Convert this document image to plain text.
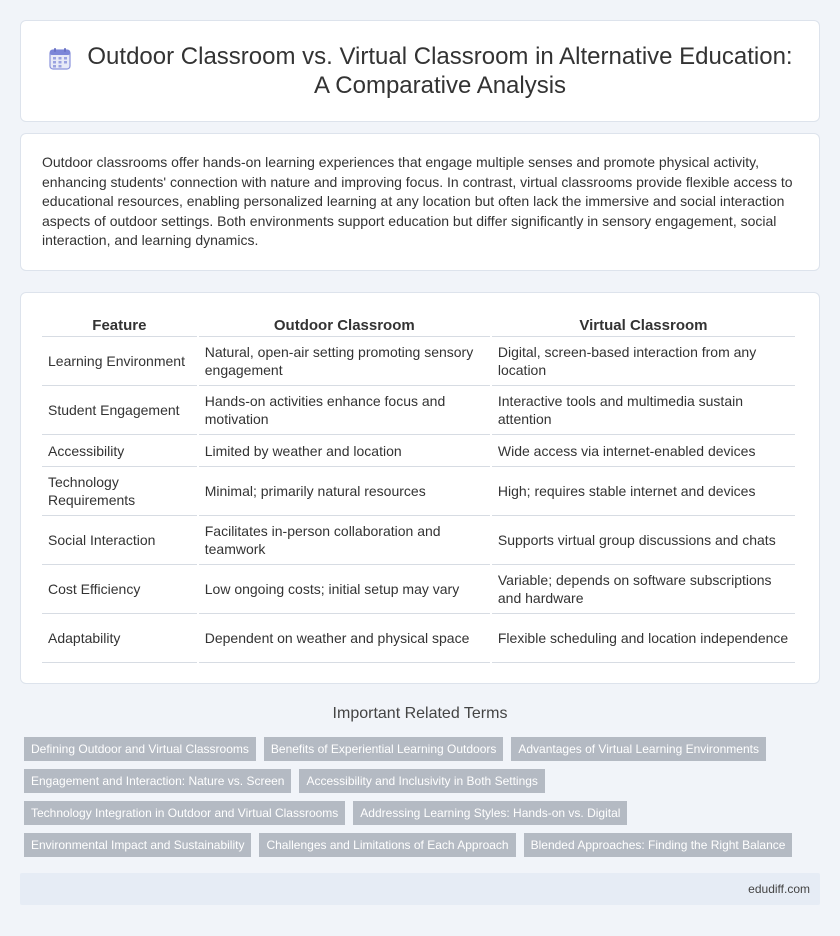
Outdoor Classroom vs. Virtual Classroom in Alternative Education: A Comparative Analysis

Outdoor classrooms offer hands-on learning experiences that engage multiple senses and promote physical activity, enhancing students' connection with nature and improving focus. In contrast, virtual classrooms provide flexible access to educational resources, enabling personalized learning at any location but often lack the immersive and social interaction aspects of outdoor settings. Both environments support education but differ significantly in sensory engagement, social interaction, and learning dynamics.

Feature	Outdoor Classroom	Virtual Classroom
Learning Environment	Natural, open-air setting promoting sensory engagement	Digital, screen-based interaction from any location
Student Engagement	Hands-on activities enhance focus and motivation	Interactive tools and multimedia sustain attention
Accessibility	Limited by weather and location	Wide access via internet-enabled devices
Technology Requirements	Minimal; primarily natural resources	High; requires stable internet and devices
Social Interaction	Facilitates in-person collaboration and teamwork	Supports virtual group discussions and chats
Cost Efficiency	Low ongoing costs; initial setup may vary	Variable; depends on software subscriptions and hardware
Adaptability	Dependent on weather and physical space	Flexible scheduling and location independence
Important Related Terms
Defining Outdoor and Virtual Classrooms	Benefits of Experiential Learning Outdoors	Advantages of Virtual Learning Environments
Engagement and Interaction: Nature vs. Screen	Accessibility and Inclusivity in Both Settings
Technology Integration in Outdoor and Virtual Classrooms	Addressing Learning Styles: Hands-on vs. Digital
Environmental Impact and Sustainability	Challenges and Limitations of Each Approach	Blended Approaches: Finding the Right Balance
edudiff.com
